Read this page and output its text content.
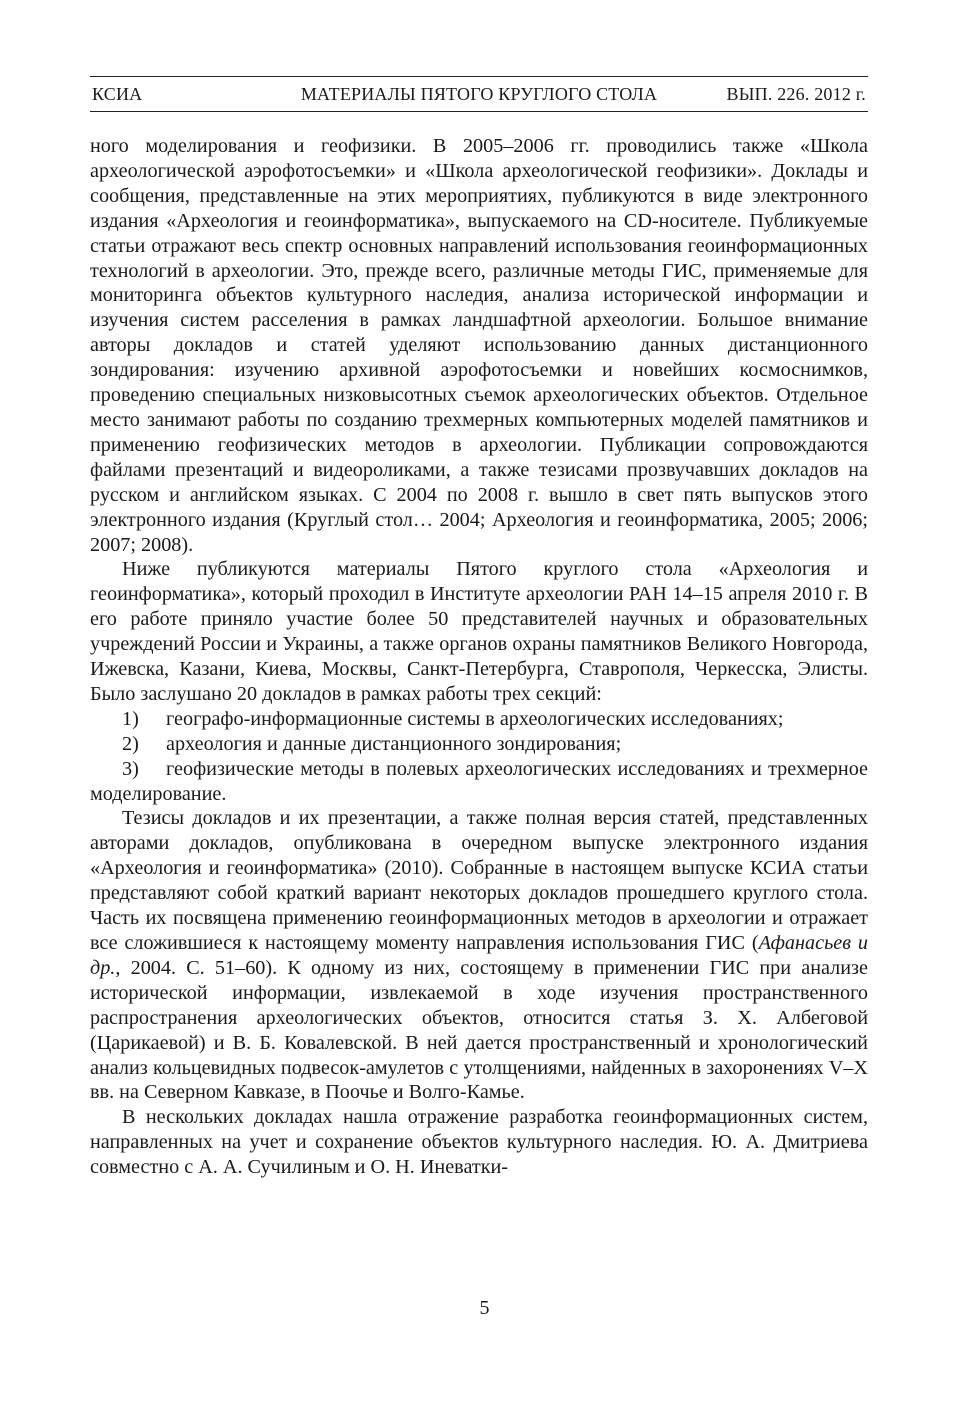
КСИА	МАТЕРИАЛЫ ПЯТОГО КРУГЛОГО СТОЛА	ВЫП. 226. 2012 г.

ного моделирования и геофизики. В 2005–2006 гг. проводились также «Школа археологической аэрофотосъемки» и «Школа археологической геофизики». Доклады и сообщения, представленные на этих мероприятиях, публикуются в виде электронного издания «Археология и геоинформатика», выпускаемого на CD-носителе. Публикуемые статьи отражают весь спектр основных направлений использования геоинформационных технологий в археологии. Это, прежде всего, различные методы ГИС, применяемые для мониторинга объектов культурного наследия, анализа исторической информации и изучения систем расселения в рамках ландшафтной археологии. Большое внимание авторы докладов и статей уделяют использованию данных дистанционного зондирования: изучению архивной аэрофотосъемки и новейших космоснимков, проведению специальных низковысотных съемок археологических объектов. Отдельное место занимают работы по созданию трехмерных компьютерных моделей памятников и применению геофизических методов в археологии. Публикации сопровождаются файлами презентаций и видеороликами, а также тезисами прозвучавших докладов на русском и английском языках. С 2004 по 2008 г. вышло в свет пять выпусков этого электронного издания (Круглый стол… 2004; Археология и геоинформатика, 2005; 2006; 2007; 2008).

Ниже публикуются материалы Пятого круглого стола «Археология и геоинформатика», который проходил в Институте археологии РАН 14–15 апреля 2010 г. В его работе приняло участие более 50 представителей научных и образовательных учреждений России и Украины, а также органов охраны памятников Великого Новгорода, Ижевска, Казани, Киева, Москвы, Санкт-Петербурга, Ставрополя, Черкесска, Элисты. Было заслушано 20 докладов в рамках работы трех секций:

1) географо-информационные системы в археологических исследованиях;

2) археология и данные дистанционного зондирования;

3) геофизические методы в полевых археологических исследованиях и трехмерное моделирование.

Тезисы докладов и их презентации, а также полная версия статей, представленных авторами докладов, опубликована в очередном выпуске электронного издания «Археология и геоинформатика» (2010). Собранные в настоящем выпуске КСИА статьи представляют собой краткий вариант некоторых докладов прошедшего круглого стола. Часть их посвящена применению геоинформационных методов в археологии и отражает все сложившиеся к настоящему моменту направления использования ГИС (Афанасьев и др., 2004. С. 51–60). К одному из них, состоящему в применении ГИС при анализе исторической информации, извлекаемой в ходе изучения пространственного распространения археологических объектов, относится статья З. Х. Албеговой (Царикаевой) и В. Б. Ковалевской. В ней дается пространственный и хронологический анализ кольцевидных подвесок-амулетов с утолщениями, найденных в захоронениях V–X вв. на Северном Кавказе, в Поочье и Волго-Камье.

В нескольких докладах нашла отражение разработка геоинформационных систем, направленных на учет и сохранение объектов культурного наследия. Ю. А. Дмитриева совместно с А. А. Сучилиным и О. Н. Иневатки-

5
